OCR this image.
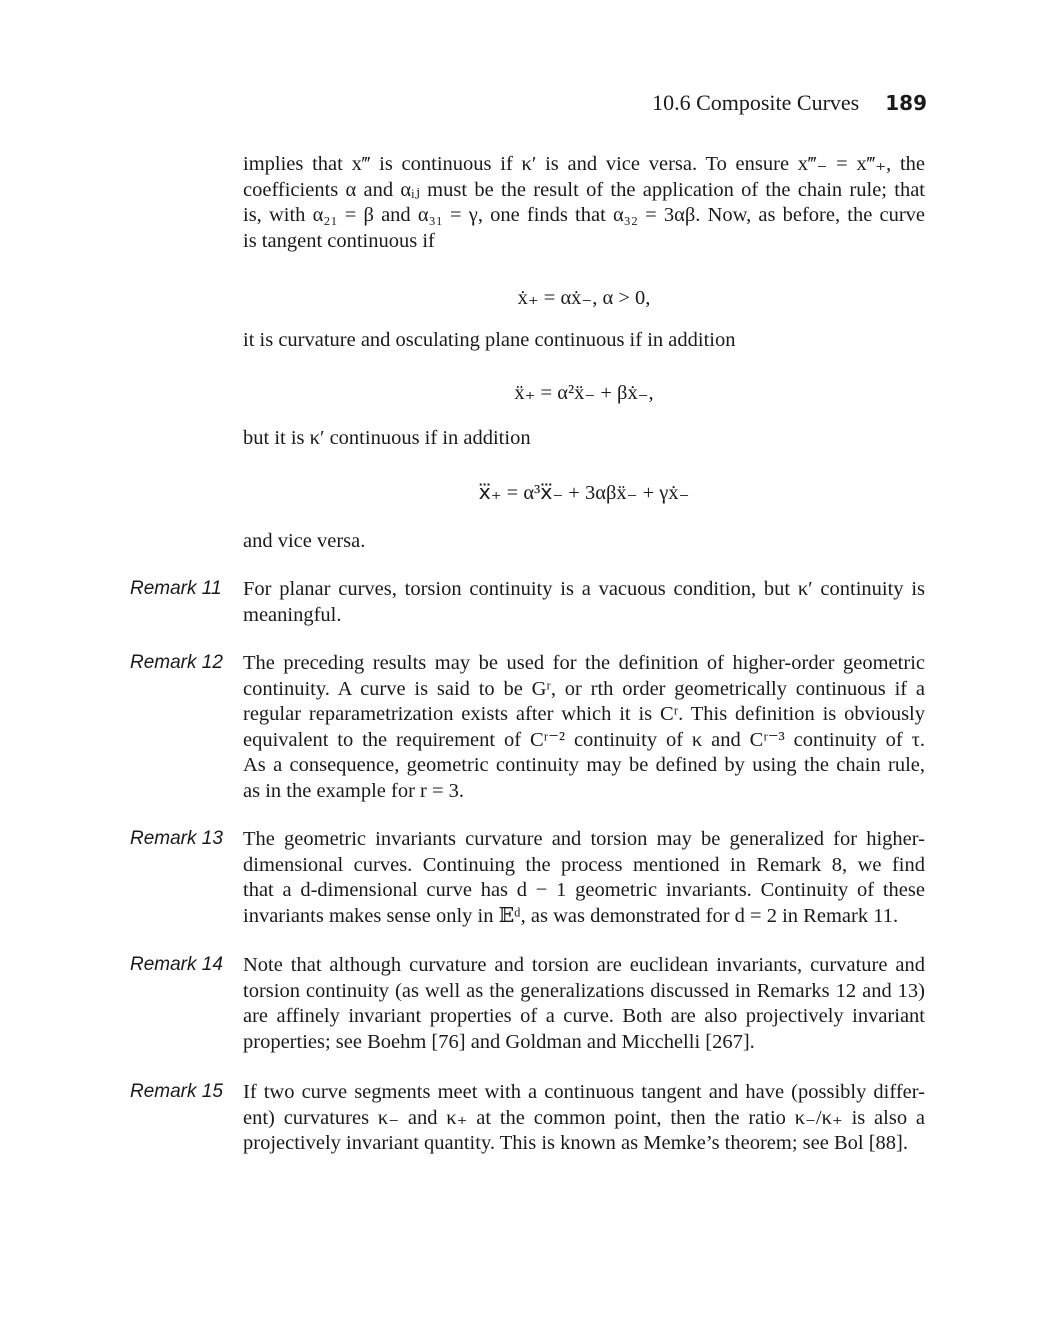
10.6 Composite Curves 189
implies that x‴ is continuous if κ′ is and vice versa. To ensure x‴₋ = x‴₊, the
coefficients α and αᵢⱼ must be the result of the application of the chain rule; that
is, with α₂₁ = β and α₃₁ = γ, one finds that α₃₂ = 3αβ. Now, as before, the curve
is tangent continuous if
ẋ₊ = αẋ₋, α > 0,
it is curvature and osculating plane continuous if in addition
ẍ₊ = α²ẍ₋ + βẋ₋,
but it is κ′ continuous if in addition
x⃛₊ = α³x⃛₋ + 3αβẍ₋ + γẋ₋
and vice versa.
Remark 11 For planar curves, torsion continuity is a vacuous condition, but κ′ continuity is
meaningful.
Remark 12 The preceding results may be used for the definition of higher-order geometric
continuity. A curve is said to be Gʳ, or rth order geometrically continuous if a
regular reparametrization exists after which it is Cʳ. This definition is obviously
equivalent to the requirement of Cʳ⁻² continuity of κ and Cʳ⁻³ continuity of τ.
As a consequence, geometric continuity may be defined by using the chain rule,
as in the example for r = 3.
Remark 13 The geometric invariants curvature and torsion may be generalized for higher-
dimensional curves. Continuing the process mentioned in Remark 8, we find
that a d-dimensional curve has d − 1 geometric invariants. Continuity of these
invariants makes sense only in 𝔼ᵈ, as was demonstrated for d = 2 in Remark 11.
Remark 14 Note that although curvature and torsion are euclidean invariants, curvature and
torsion continuity (as well as the generalizations discussed in Remarks 12 and 13)
are affinely invariant properties of a curve. Both are also projectively invariant
properties; see Boehm [76] and Goldman and Micchelli [267].
Remark 15 If two curve segments meet with a continuous tangent and have (possibly differ-
ent) curvatures κ₋ and κ₊ at the common point, then the ratio κ₋/κ₊ is also a
projectively invariant quantity. This is known as Memke’s theorem; see Bol [88].
